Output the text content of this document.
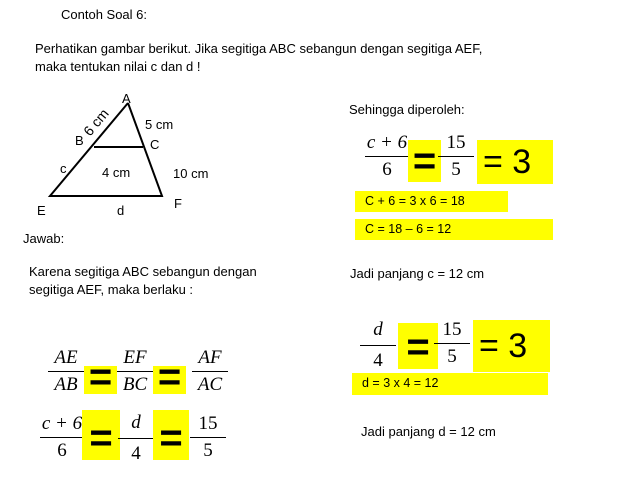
Contoh Soal 6:
Perhatikan gambar berikut. Jika segitiga ABC sebangun dengan segitiga AEF,
maka tentukan nilai c dan d !
A
B	C
E	F
6 cm	5 cm
4 cm	10 cm
c
d
Jawab:
Karena segitiga ABC sebangun dengan
segitiga AEF, maka berlaku :
AE
AB = EF
BC = AF
AC
c + 6
6 = d
4 = 15
5
Sehingga diperoleh:
c + 6
6 = 15
5 = 3
C + 6 = 3 x 6 = 18
C = 18 – 6 = 12
Jadi panjang c = 12 cm
d
4 = 15
5 = 3
d = 3 x 4 = 12
Jadi panjang d = 12 cm
